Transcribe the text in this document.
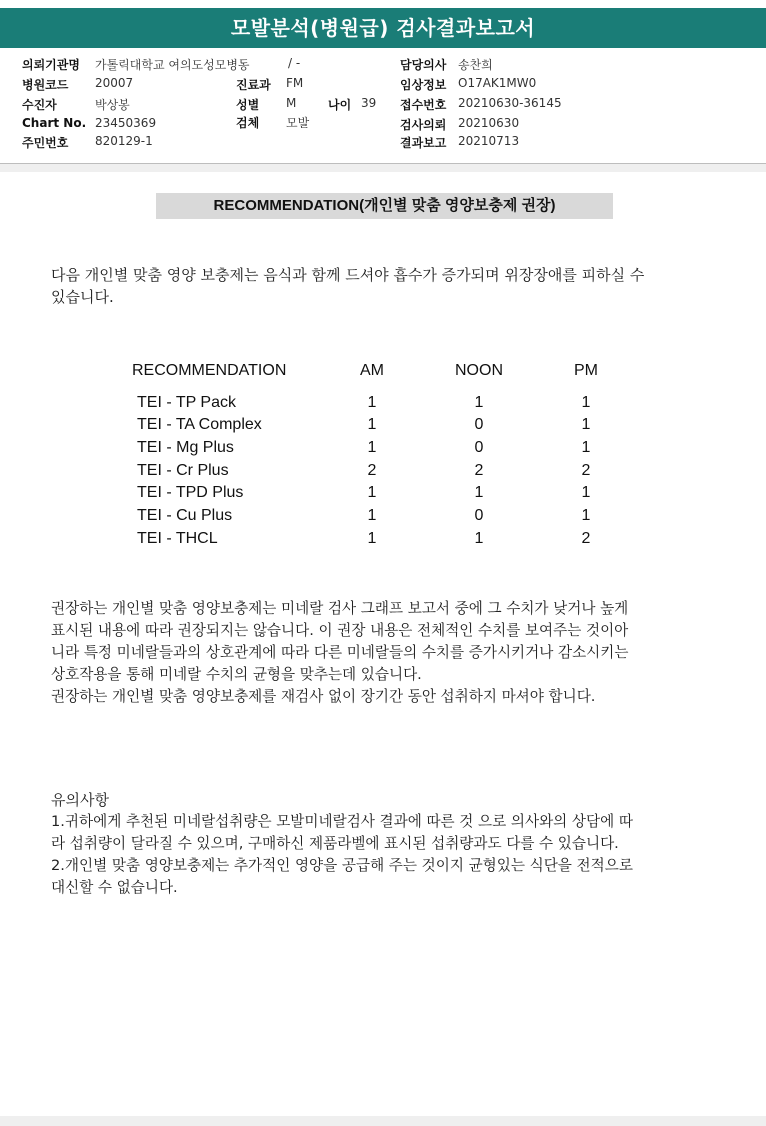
모발분석(병원급) 검사결과보고서
의뢰기관명 가톨릭대학교 여의도성모병동	/ -	담당의사 송찬희
병원코드 20007	진료과 FM	임상정보 O17AK1MW0
수진자	박상봉	성별 M	나이 39 접수번호 20210630-36145
Chart No. 23450369	검체 모발	검사의뢰 20210630
주민번호 820129-1	결과보고 20210713
RECOMMENDATION(개인별 맞춤 영양보충제 권장)

다음 개인별 맞춤 영양 보충제는 음식과 함께 드셔야 흡수가 증가되며 위장장애를 피하실 수
있습니다.

RECOMMENDATION	AM	NOON	PM
TEI - TP Pack	1	1	1
TEI - TA Complex	1	0	1
TEI - Mg Plus	1	0	1
TEI - Cr Plus	2	2	2
TEI - TPD Plus	1	1	1
TEI - Cu Plus	1	0	1
TEI - THCL	1	1	2

권장하는 개인별 맞춤 영양보충제는 미네랄 검사 그래프 보고서 중에 그 수치가 낮거나 높게
표시된 내용에 따라 권장되지는 않습니다. 이 권장 내용은 전체적인 수치를 보여주는 것이아
니라 특정 미네랄들과의 상호관계에 따라 다른 미네랄들의 수치를 증가시키거나 감소시키는
상호작용을 통해 미네랄 수치의 균형을 맞추는데 있습니다.
권장하는 개인별 맞춤 영양보충제를 재검사 없이 장기간 동안 섭취하지 마셔야 합니다.

유의사항

1.귀하에게 추천된 미네랄섭취량은 모발미네랄검사 결과에 따른 것 으로 의사와의 상담에 따
라 섭취량이 달라질 수 있으며, 구매하신 제품라벨에 표시된 섭취량과도 다를 수 있습니다.
2.개인별 맞춤 영양보충제는 추가적인 영양을 공급해 주는 것이지 균형있는 식단을 전적으로
대신할 수 없습니다.
